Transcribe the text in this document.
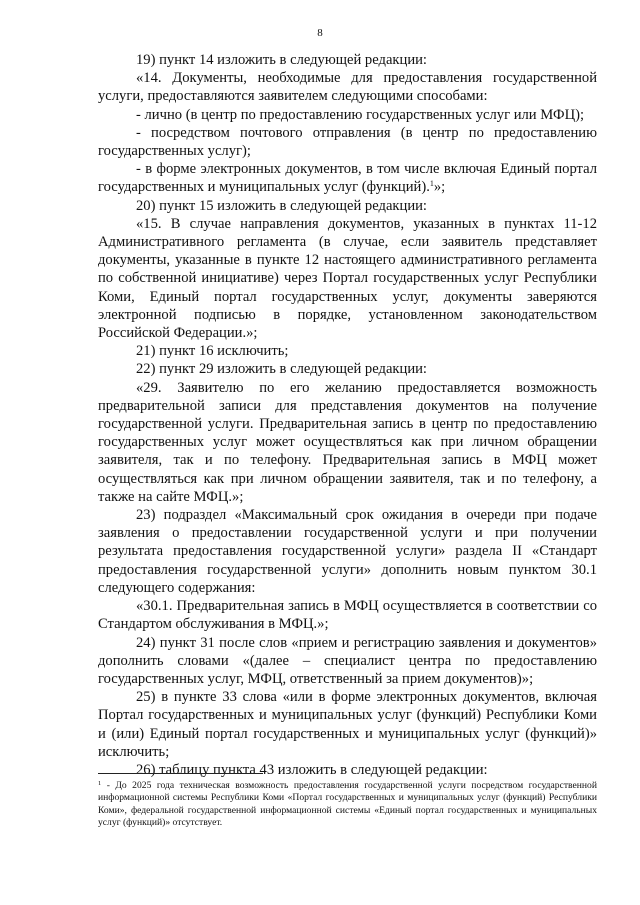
8

19) пункт 14 изложить в следующей редакции:

«14. Документы, необходимые для предоставления государственной услуги, предоставляются заявителем следующими способами:

- лично (в центр по предоставлению государственных услуг или МФЦ);

- посредством почтового отправления (в центр по предоставлению государственных услуг);

- в форме электронных документов, в том числе включая Единый портал государственных и муниципальных услуг (функций).$^1$»;

20) пункт 15 изложить в следующей редакции:

«15. В случае направления документов, указанных в пунктах 11-12 Административного регламента (в случае, если заявитель представляет документы, указанные в пункте 12 настоящего административного регламента по собственной инициативе) через Портал государственных услуг Республики Коми, Единый портал государственных услуг, документы заверяются электронной подписью в порядке, установленном законодательством Российской Федерации.»;

21) пункт 16 исключить;

22) пункт 29 изложить в следующей редакции:

«29. Заявителю по его желанию предоставляется возможность предварительной записи для представления документов на получение государственной услуги. Предварительная запись в центр по предоставлению государственных услуг может осуществляться как при личном обращении заявителя, так и по телефону. Предварительная запись в МФЦ может осуществляться как при личном обращении заявителя, так и по телефону, а также на сайте МФЦ.»;

23) подраздел «Максимальный срок ожидания в очереди при подаче заявления о предоставлении государственной услуги и при получении результата предоставления государственной услуги» раздела II «Стандарт предоставления государственной услуги» дополнить новым пунктом 30.1 следующего содержания:

«30.1. Предварительная запись в МФЦ осуществляется в соответствии со Стандартом обслуживания в МФЦ.»;

24) пункт 31 после слов «прием и регистрацию заявления и документов» дополнить словами «(далее – специалист центра по предоставлению государственных услуг, МФЦ, ответственный за прием документов)»;

25) в пункте 33 слова «или в форме электронных документов, включая Портал государственных и муниципальных услуг (функций) Республики Коми и (или) Единый портал государственных и муниципальных услуг (функций)» исключить;

26) таблицу пункта 43 изложить в следующей редакции:

$^1$ - До 2025 года техническая возможность предоставления государственной услуги посредством государственной информационной системы Республики Коми «Портал государственных и муниципальных услуг (функций) Республики Коми», федеральной государственной информационной системы «Единый портал государственных и муниципальных услуг (функций)» отсутствует.
